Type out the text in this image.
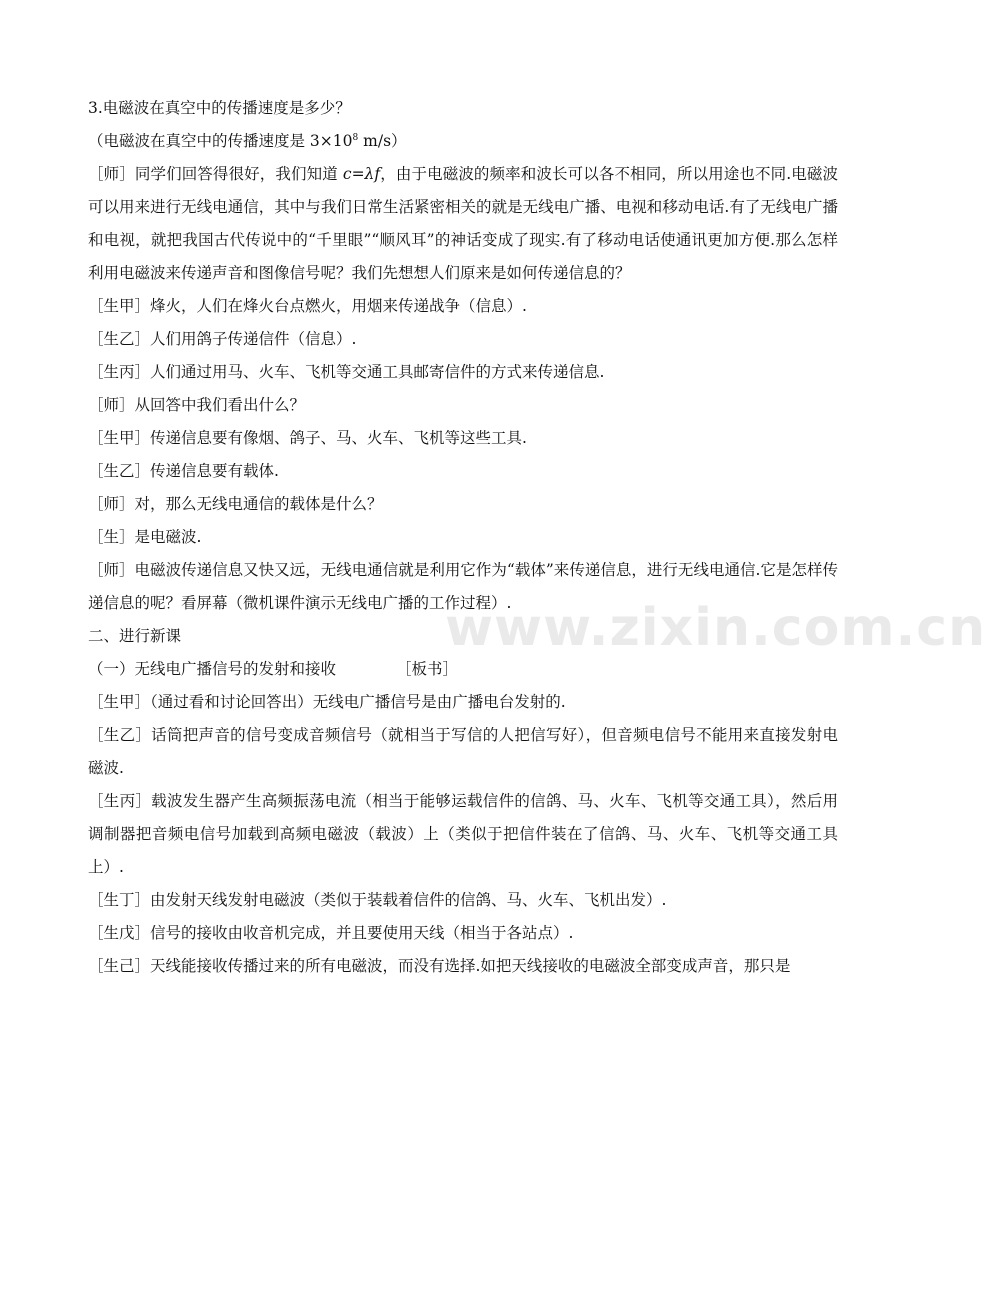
3.电磁波在真空中的传播速度是多少？

（电磁波在真空中的传播速度是 $3\times 10^8$ m/s）

［师］同学们回答得很好，我们知道 c=λf，由于电磁波的频率和波长可以各不相同，所以用途也不同.电磁波可以用来进行无线电通信，其中与我们日常生活紧密相关的就是无线电广播、电视和移动电话.有了无线电广播和电视，就把我国古代传说中的“千里眼”“顺风耳”的神话变成了现实.有了移动电话使通讯更加方便.那么怎样利用电磁波来传递声音和图像信号呢？我们先想想人们原来是如何传递信息的？

［生甲］烽火，人们在烽火台点燃火，用烟来传递战争（信息）.

［生乙］人们用鸽子传递信件（信息）.

［生丙］人们通过用马、火车、飞机等交通工具邮寄信件的方式来传递信息.

［师］从回答中我们看出什么？

［生甲］传递信息要有像烟、鸽子、马、火车、飞机等这些工具.

［生乙］传递信息要有载体.

［师］对，那么无线电通信的载体是什么？

［生］是电磁波.

［师］电磁波传递信息又快又远，无线电通信就是利用它作为“载体”来传递信息，进行无线电通信.它是怎样传递信息的呢？看屏幕（微机课件演示无线电广播的工作过程）.

二、进行新课

（一）无线电广播信号的发射和接收	［板书］

［生甲］（通过看和讨论回答出）无线电广播信号是由广播电台发射的.

［生乙］话筒把声音的信号变成音频信号（就相当于写信的人把信写好），但音频电信号不能用来直接发射电磁波.

［生丙］载波发生器产生高频振荡电流（相当于能够运载信件的信鸽、马、火车、飞机等交通工具），然后用调制器把音频电信号加载到高频电磁波（载波）上（类似于把信件装在了信鸽、马、火车、飞机等交通工具上）.

［生丁］由发射天线发射电磁波（类似于装载着信件的信鸽、马、火车、飞机出发）.

［生戊］信号的接收由收音机完成，并且要使用天线（相当于各站点）.

［生己］天线能接收传播过来的所有电磁波，而没有选择.如把天线接收的电磁波全部变成声音，那只是

www.zixin.com.cn
